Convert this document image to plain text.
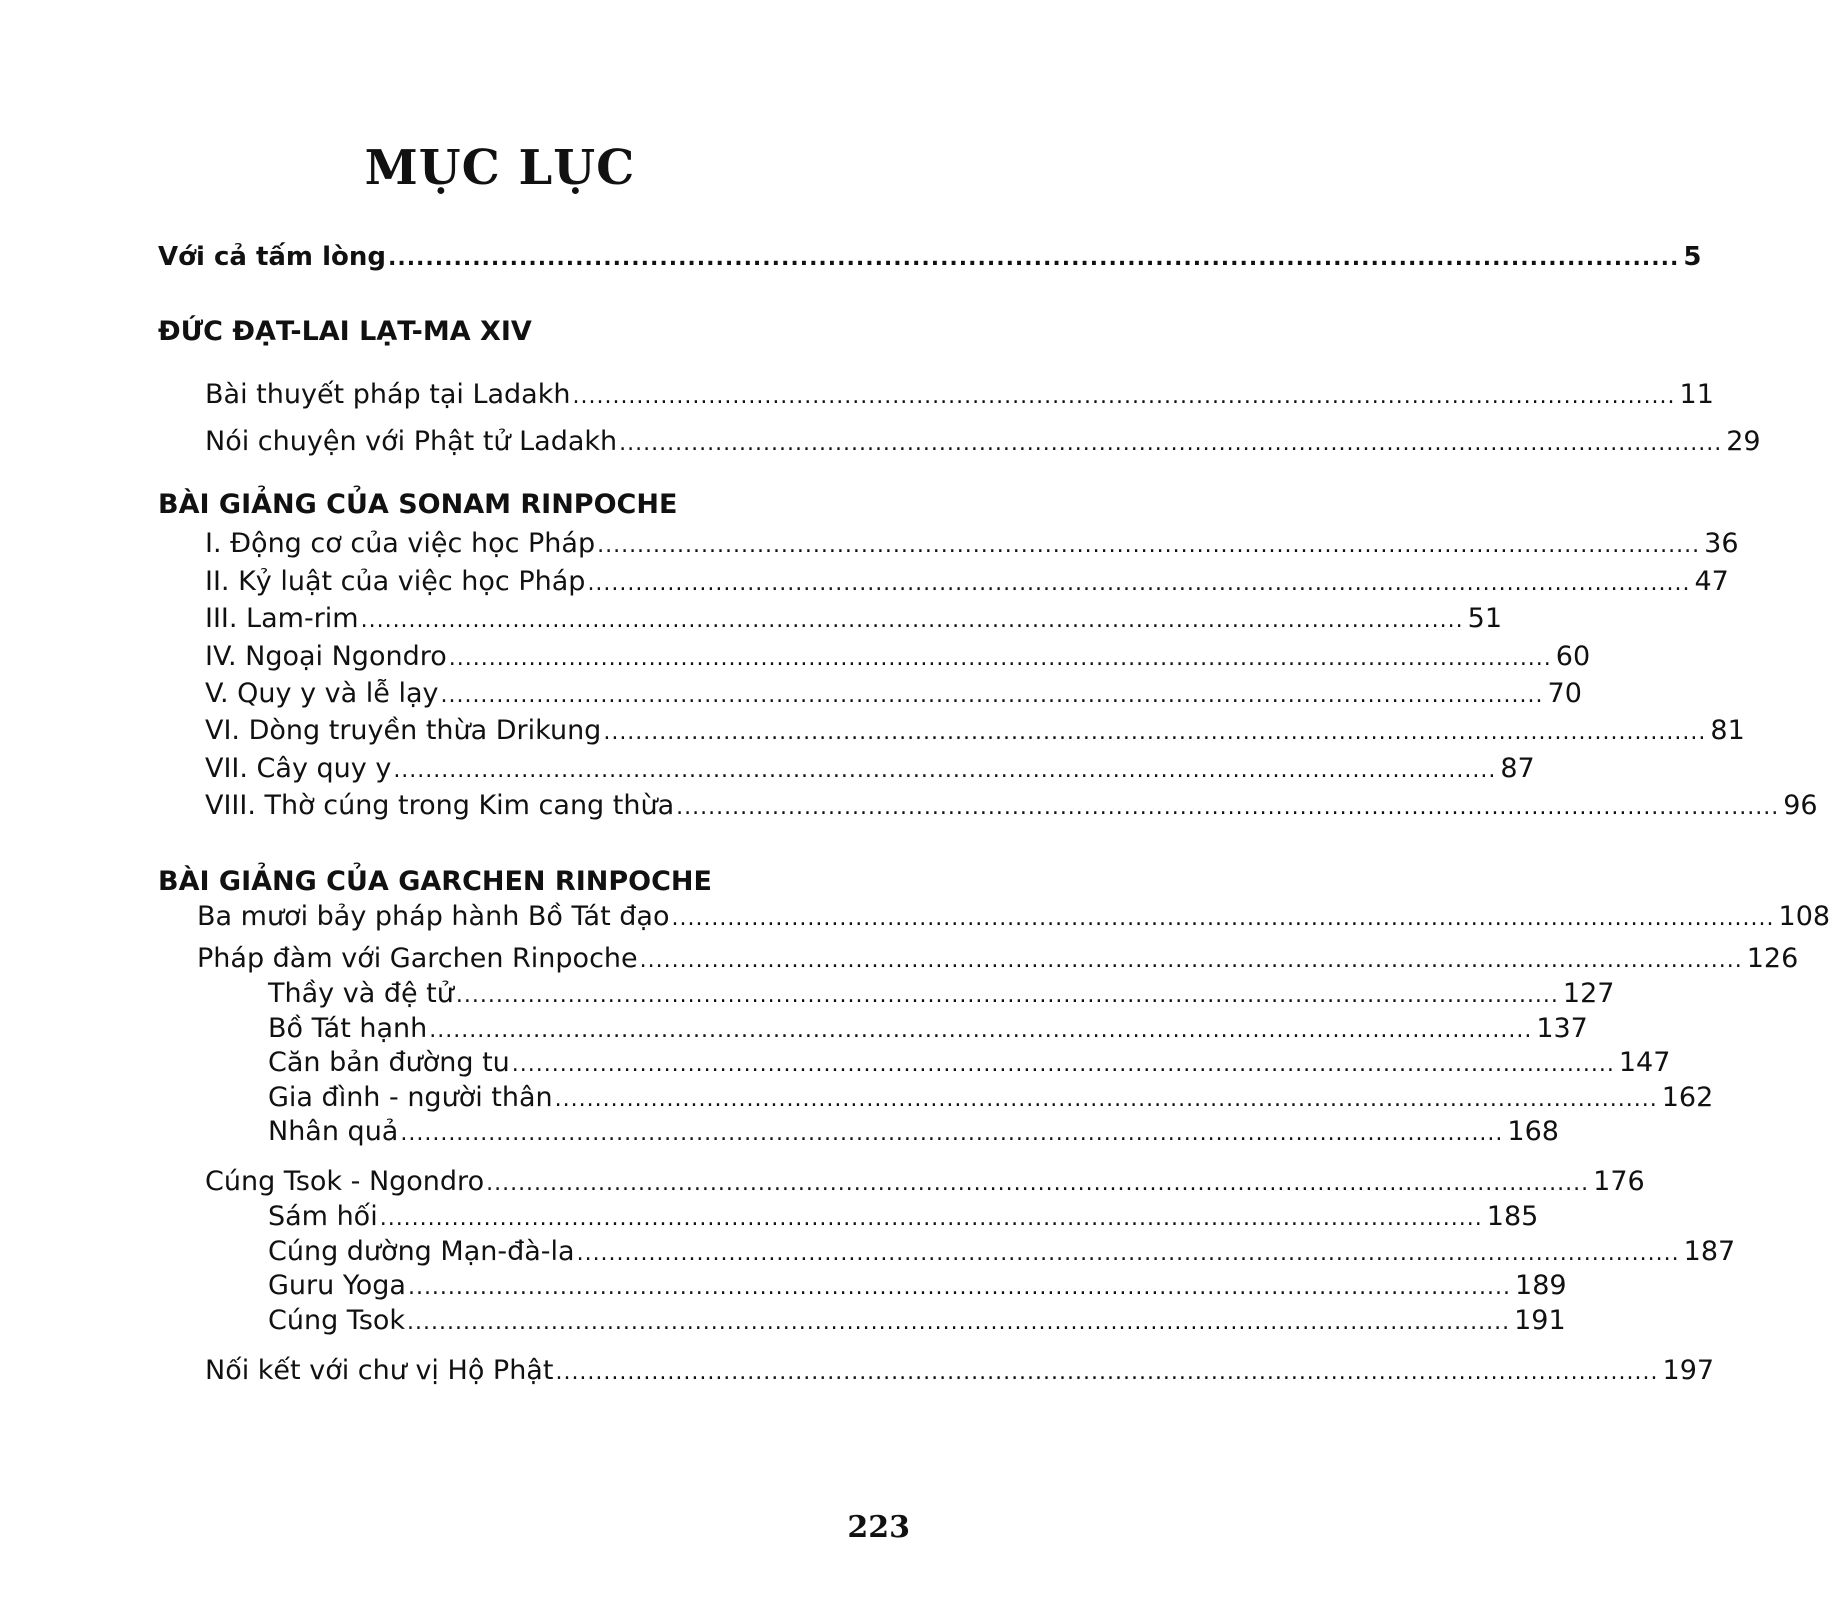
MỤC LỤC
Với cả tấm lòng .......................................................................................................................................... 5
ĐỨC ĐẠT-LAI LẠT-MA XIV
Bài thuyết pháp tại Ladakh .......................................................................................................................................... 11
Nói chuyện với Phật tử Ladakh .......................................................................................................................................... 29
BÀI GIẢNG CỦA SONAM RINPOCHE
I. Động cơ của việc học Pháp .......................................................................................................................................... 36
II. Kỷ luật của việc học Pháp .......................................................................................................................................... 47
III. Lam-rim .......................................................................................................................................... 51
IV. Ngoại Ngondro .......................................................................................................................................... 60
V. Quy y và lễ lạy .......................................................................................................................................... 70
VI. Dòng truyền thừa Drikung .......................................................................................................................................... 81
VII. Cây quy y .......................................................................................................................................... 87
VIII. Thờ cúng trong Kim cang thừa .......................................................................................................................................... 96
BÀI GIẢNG CỦA GARCHEN RINPOCHE
Ba mươi bảy pháp hành Bồ Tát đạo .......................................................................................................................................... 108
Pháp đàm với Garchen Rinpoche .......................................................................................................................................... 126
Thầy và đệ tử .......................................................................................................................................... 127
Bồ Tát hạnh .......................................................................................................................................... 137
Căn bản đường tu .......................................................................................................................................... 147
Gia đình - người thân .......................................................................................................................................... 162
Nhân quả .......................................................................................................................................... 168
Cúng Tsok - Ngondro .......................................................................................................................................... 176
Sám hối .......................................................................................................................................... 185
Cúng dường Mạn-đà-la .......................................................................................................................................... 187
Guru Yoga .......................................................................................................................................... 189
Cúng Tsok .......................................................................................................................................... 191
Nối kết với chư vị Hộ Phật .......................................................................................................................................... 197
223
